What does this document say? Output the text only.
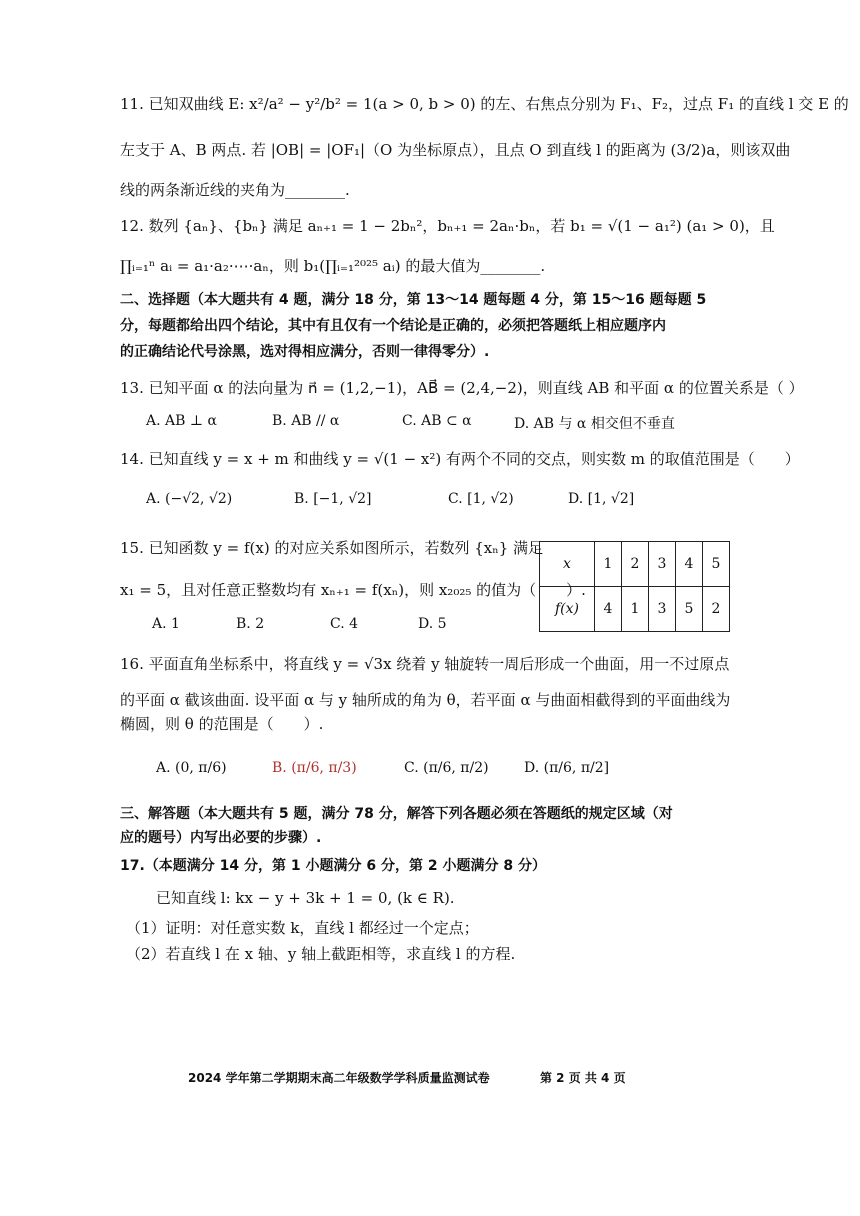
11. 已知双曲线 E: x²/a² − y²/b² = 1(a > 0, b > 0) 的左、右焦点分别为 F₁、F₂，过点 F₁ 的直线 l 交 E 的
左支于 A、B 两点. 若 |OB| = |OF₁|（O 为坐标原点），且点 O 到直线 l 的距离为 (3/2)a，则该双曲
线的两条渐近线的夹角为________.
12. 数列 {aₙ}、{bₙ} 满足 aₙ₊₁ = 1 − 2bₙ²，bₙ₊₁ = 2aₙ·bₙ，若 b₁ = √(1 − a₁²) (a₁ > 0)，且
∏ᵢ₌₁ⁿ aᵢ = a₁·a₂·⋯·aₙ，则 b₁(∏ᵢ₌₁²⁰²⁵ aᵢ) 的最大值为________.
二、选择题（本大题共有 4 题，满分 18 分，第 13～14 题每题 4 分，第 15～16 题每题 5
分，每题都给出四个结论，其中有且仅有一个结论是正确的，必须把答题纸上相应题序内
的正确结论代号涂黑，选对得相应满分，否则一律得零分）.
13. 已知平面 α 的法向量为 n⃗ = (1,2,−1)，AB⃗ = (2,4,−2)，则直线 AB 和平面 α 的位置关系是（ ）
A. AB ⊥ α	B. AB // α	C. AB ⊂ α	D. AB 与 α 相交但不垂直
14. 已知直线 y = x + m 和曲线 y = √(1 − x²) 有两个不同的交点，则实数 m 的取值范围是（　　）
A. (−√2, √2)	B. [−1, √2]	C. [1, √2)	D. [1, √2]
15. 已知函数 y = f(x) 的对应关系如图所示，若数列 {xₙ} 满足
x₁ = 5，且对任意正整数均有 xₙ₊₁ = f(xₙ)，则 x₂₀₂₅ 的值为（　　）.
A. 1	B. 2	C. 4	D. 5
x	1	2	3	4	5
f(x)	4	1	3	5	2
16. 平面直角坐标系中，将直线 y = √3x 绕着 y 轴旋转一周后形成一个曲面，用一不过原点
的平面 α 截该曲面. 设平面 α 与 y 轴所成的角为 θ，若平面 α 与曲面相截得到的平面曲线为
椭圆，则 θ 的范围是（　　）.
A. (0, π/6)	B. (π/6, π/3)	C. (π/6, π/2)	D. (π/6, π/2]
三、解答题（本大题共有 5 题，满分 78 分，解答下列各题必须在答题纸的规定区域（对
应的题号）内写出必要的步骤）.
17.（本题满分 14 分，第 1 小题满分 6 分，第 2 小题满分 8 分）
已知直线 l: kx − y + 3k + 1 = 0, (k ∈ R).
（1）证明：对任意实数 k，直线 l 都经过一个定点；
（2）若直线 l 在 x 轴、y 轴上截距相等，求直线 l 的方程.
2024 学年第二学期期末高二年级数学学科质量监测试卷	第 2 页 共 4 页
